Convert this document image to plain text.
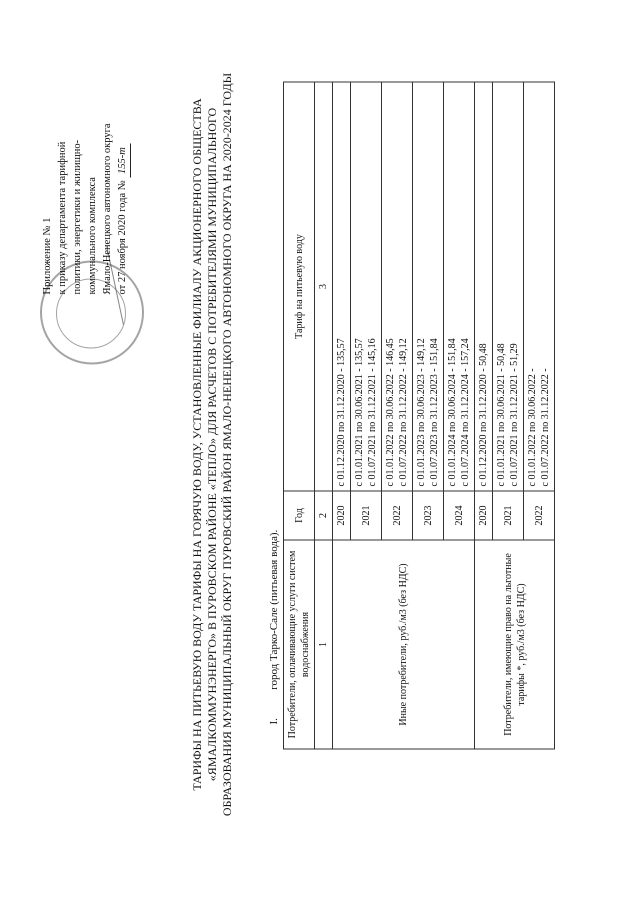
Приложение № 1 к приказу департамента тарифной политики, энергетики и жилищно- коммунального комплекса Ямало-Ненецкого автономного округа от 27 ноября 2020 года № 155-т	ТАРИФЫ НА ПИТЬЕВУЮ ВОДУ ТАРИФЫ НА ГОРЯЧУЮ ВОДУ, УСТАНОВЛЕННЫЕ ФИЛИАЛУ АКЦИОНЕРНОГО ОБЩЕСТВА «ЯМАЛКОММУНЭНЕРГО» В ПУРОВСКОМ РАЙОНЕ «ТЕПЛО» ДЛЯ РАСЧЕТОВ С ПОТРЕБИТЕЛЯМИ МУНИЦИПАЛЬНОГО ОБРАЗОВАНИЯ МУНИЦИПАЛЬНЫЙ ОКРУГ ПУРОВСКИЙ РАЙОН ЯМАЛО-НЕНЕЦКОГО АВТОНОМНОГО ОКРУГА НА 2020-2024 ГОДЫ	I. город Тарко-Сале (питьевая вода). Потребители, оплачивающие услуги систем водоснабжения	Год	Тариф на питьевую воду
1	2	3
Иные потребители, руб./м3 (без НДС)	2020	с 01.12.2020 по 31.12.2020 - 135,57

	2021	с 01.01.2021 по 30.06.2021 - 135,57 с 01.07.2021 по 31.12.2021 - 145,16

	2022	с 01.01.2022 по 30.06.2022 - 146,45 с 01.07.2022 по 31.12.2022 - 149,12

	2023	с 01.01.2023 по 30.06.2023 - 149,12 с 01.07.2023 по 31.12.2023 - 151,84

	2024	с 01.01.2024 по 30.06.2024 - 151,84 с 01.07.2024 по 31.12.2024 - 157,24

Потребители, имеющие право на льготные тарифы *, руб./м3 (без НДС)	2020	с 01.12.2020 по 31.12.2020 - 50,48

	2021	с 01.01.2021 по 30.06.2021 - 50,48 с 01.07.2021 по 31.12.2021 - 51,29

	2022	с 01.01.2022 по 30.06.2022 - с 01.07.2022 по 31.12.2022 -
